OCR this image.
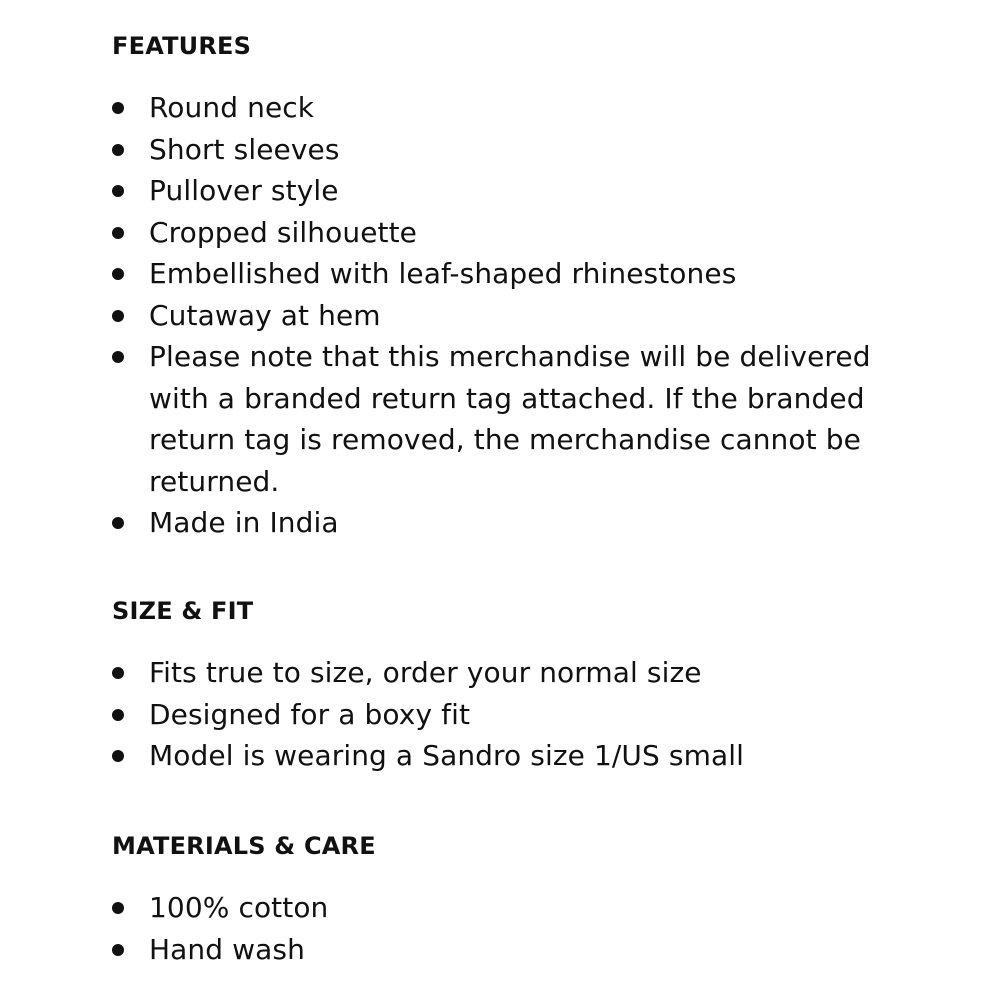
FEATURES
Round neck
Short sleeves
Pullover style
Cropped silhouette
Embellished with leaf-shaped rhinestones
Cutaway at hem
Please note that this merchandise will be delivered with a branded return tag attached. If the branded return tag is removed, the merchandise cannot be returned.
Made in India
SIZE & FIT
Fits true to size, order your normal size
Designed for a boxy fit
Model is wearing a Sandro size 1/US small
MATERIALS & CARE
100% cotton
Hand wash
